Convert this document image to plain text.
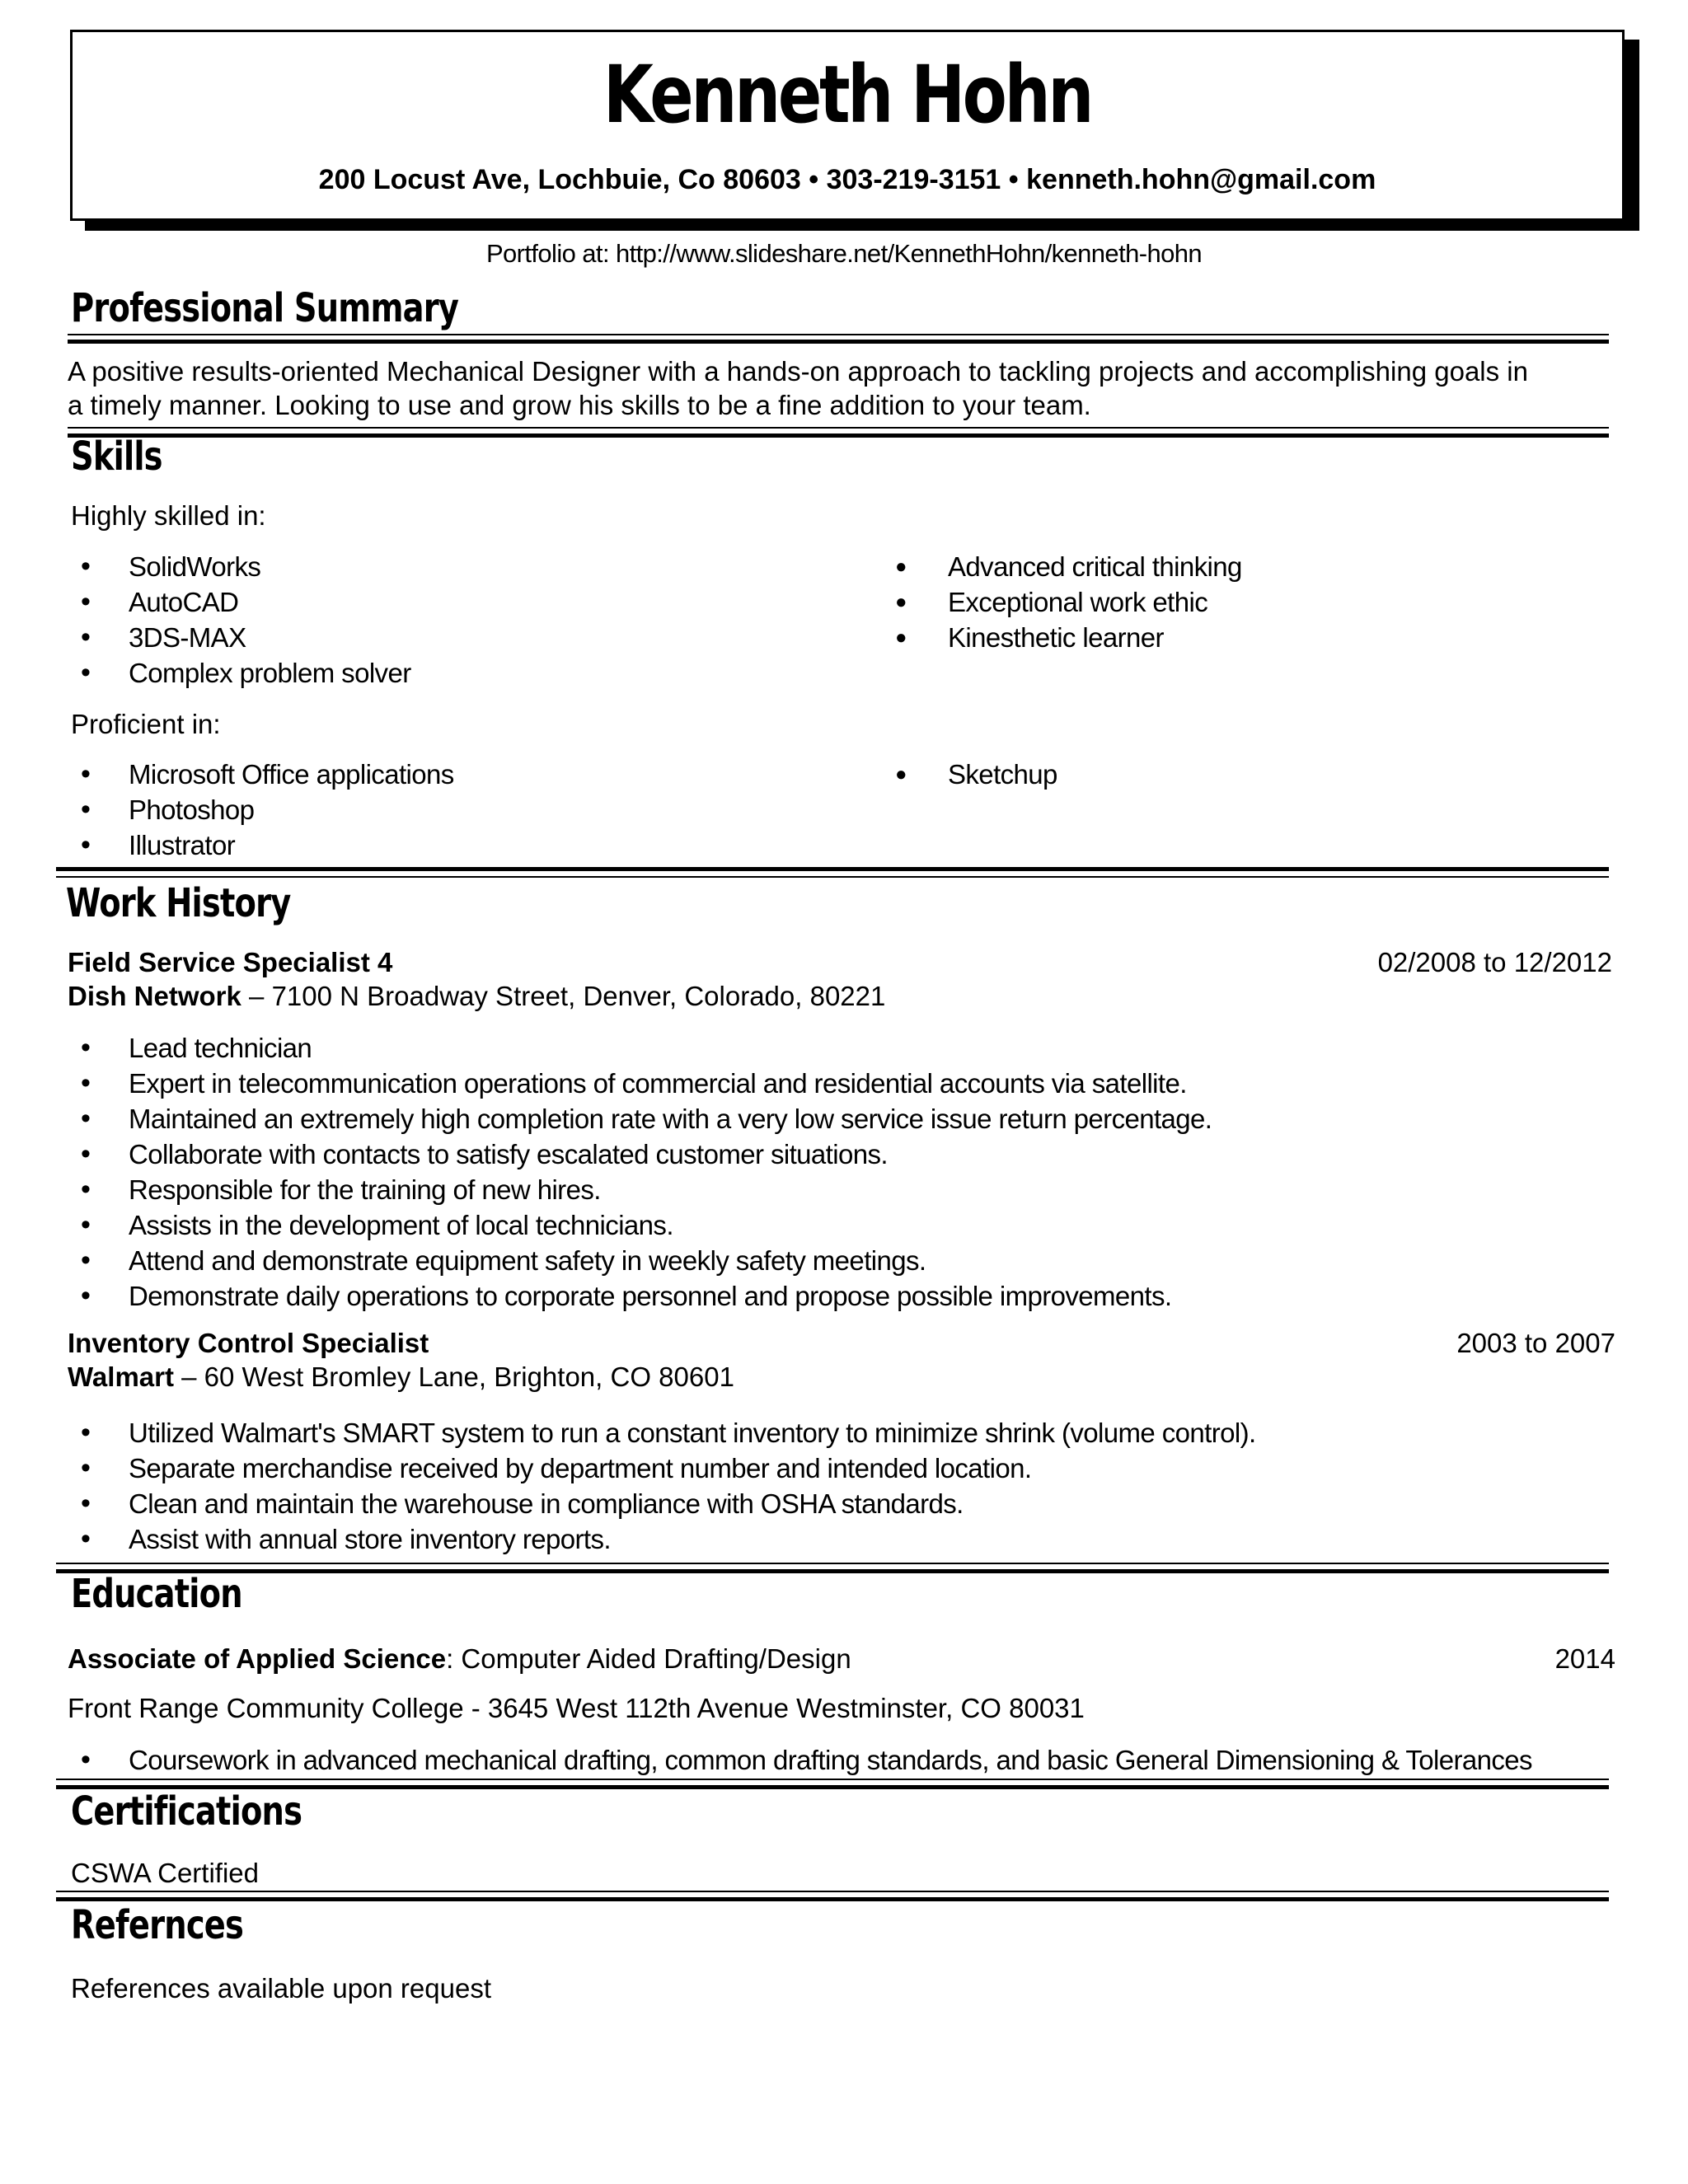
Kenneth Hohn
200 Locust Ave, Lochbuie, Co 80603 • 303-219-3151 • kenneth.hohn@gmail.com
Portfolio at: http://www.slideshare.net/KennethHohn/kenneth-hohn
Professional Summary
A positive results-oriented Mechanical Designer with a hands-on approach to tackling projects and accomplishing goals in
a timely manner. Looking to use and grow his skills to be a fine addition to your team.
Skills
Highly skilled in:
• SolidWorks
• AutoCAD
• 3DS-MAX
• Complex problem solver
● Advanced critical thinking
● Exceptional work ethic
● Kinesthetic learner
Proficient in:
• Microsoft Office applications
• Photoshop
• Illustrator
● Sketchup
Work History
Field Service Specialist 4	02/2008 to 12/2012
Dish Network – 7100 N Broadway Street, Denver, Colorado, 80221
• Lead technician
• Expert in telecommunication operations of commercial and residential accounts via satellite.
• Maintained an extremely high completion rate with a very low service issue return percentage.
• Collaborate with contacts to satisfy escalated customer situations.
• Responsible for the training of new hires.
• Assists in the development of local technicians.
• Attend and demonstrate equipment safety in weekly safety meetings.
• Demonstrate daily operations to corporate personnel and propose possible improvements.
Inventory Control Specialist	2003 to 2007
Walmart – 60 West Bromley Lane, Brighton, CO 80601
• Utilized Walmart's SMART system to run a constant inventory to minimize shrink (volume control).
• Separate merchandise received by department number and intended location.
• Clean and maintain the warehouse in compliance with OSHA standards.
• Assist with annual store inventory reports.
Education
Associate of Applied Science: Computer Aided Drafting/Design	2014
Front Range Community College - 3645 West 112th Avenue Westminster, CO 80031
• Coursework in advanced mechanical drafting, common drafting standards, and basic General Dimensioning & Tolerances
Certifications
CSWA Certified
Refernces
References available upon request
